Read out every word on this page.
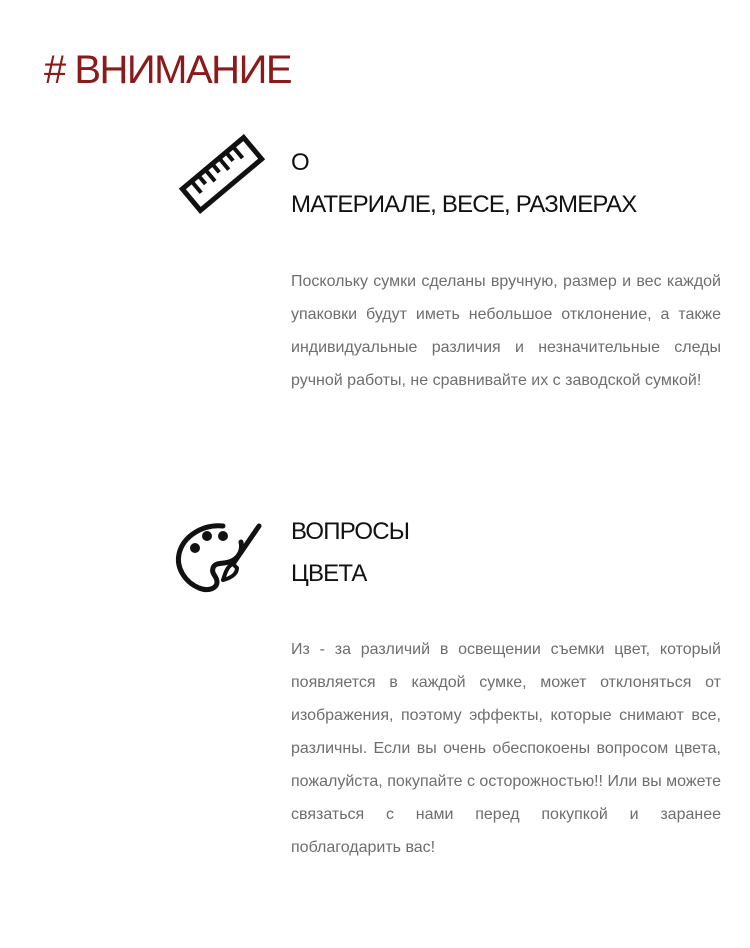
# ВНИМАНИЕ
О
МАТЕРИАЛЕ, ВЕСЕ, РАЗМЕРАХ

Поскольку сумки сделаны вручную, размер и вес каждой упаковки будут иметь небольшое отклонение, а также индивидуальные различия и незначительные следы ручной работы, не сравнивайте их с заводской сумкой!

ВОПРОСЫ
ЦВЕТА

Из - за различий в освещении съемки цвет, который появляется в каждой сумке, может отклоняться от изображения, поэтому эффекты, которые снимают все, различны. Если вы очень обеспокоены вопросом цвета, пожалуйста, покупайте с осторожностью!! Или вы можете связаться с нами перед покупкой и заранее поблагодарить вас!
